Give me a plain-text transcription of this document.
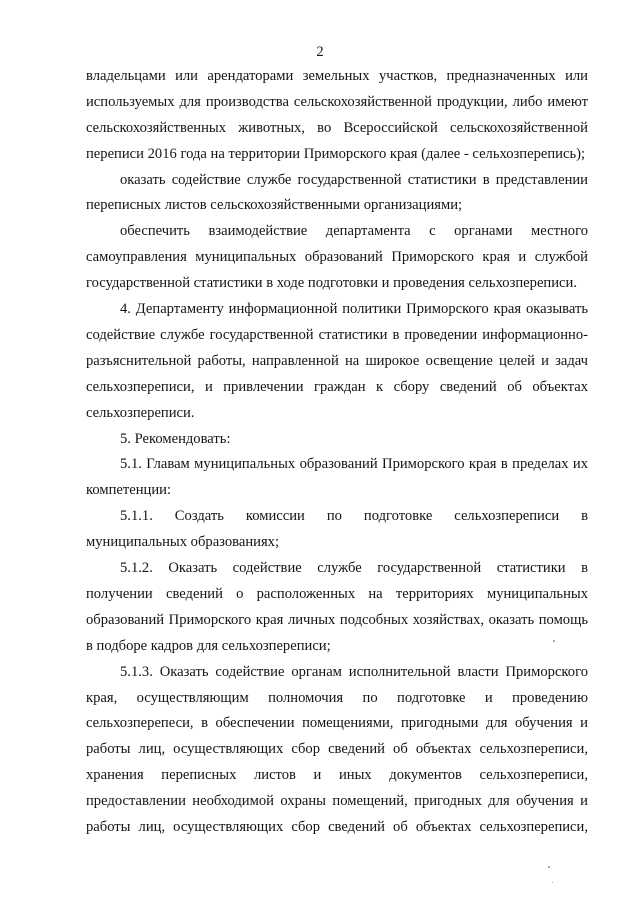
2
владельцами или арендаторами земельных участков, предназначенных или
используемых для производства сельскохозяйственной продукции, либо имеют
сельскохозяйственных животных, во Всероссийской сельскохозяйственной
переписи 2016 года на территории Приморского края (далее - сельхозперепись);
оказать содействие службе государственной статистики в представлении
переписных листов сельскохозяйственными организациями;
обеспечить взаимодействие департамента с органами местного
самоуправления муниципальных образований Приморского края и службой
государственной статистики в ходе подготовки и проведения сельхозпереписи.
4. Департаменту информационной политики Приморского края оказывать
содействие службе государственной статистики в проведении информационно-
разъяснительной работы, направленной на широкое освещение целей и задач
сельхозпереписи, и привлечении граждан к сбору сведений об объектах
сельхозпереписи.
5. Рекомендовать:
5.1. Главам муниципальных образований Приморского края в пределах их
компетенции:
5.1.1. Создать комиссии по подготовке сельхозпереписи в
муниципальных образованиях;
5.1.2. Оказать содействие службе государственной статистики в
получении сведений о расположенных на территориях муниципальных
образований Приморского края личных подсобных хозяйствах, оказать помощь
в подборе кадров для сельхозпереписи;
5.1.3. Оказать содействие органам исполнительной власти Приморского
края, осуществляющим полномочия по подготовке и проведению
сельхозперепеси, в обеспечении помещениями, пригодными для обучения и
работы лиц, осуществляющих сбор сведений об объектах сельхозпереписи,
хранения переписных листов и иных документов сельхозпереписи,
предоставлении необходимой охраны помещений, пригодных для обучения и
работы лиц, осуществляющих сбор сведений об объектах сельхозпереписи,
